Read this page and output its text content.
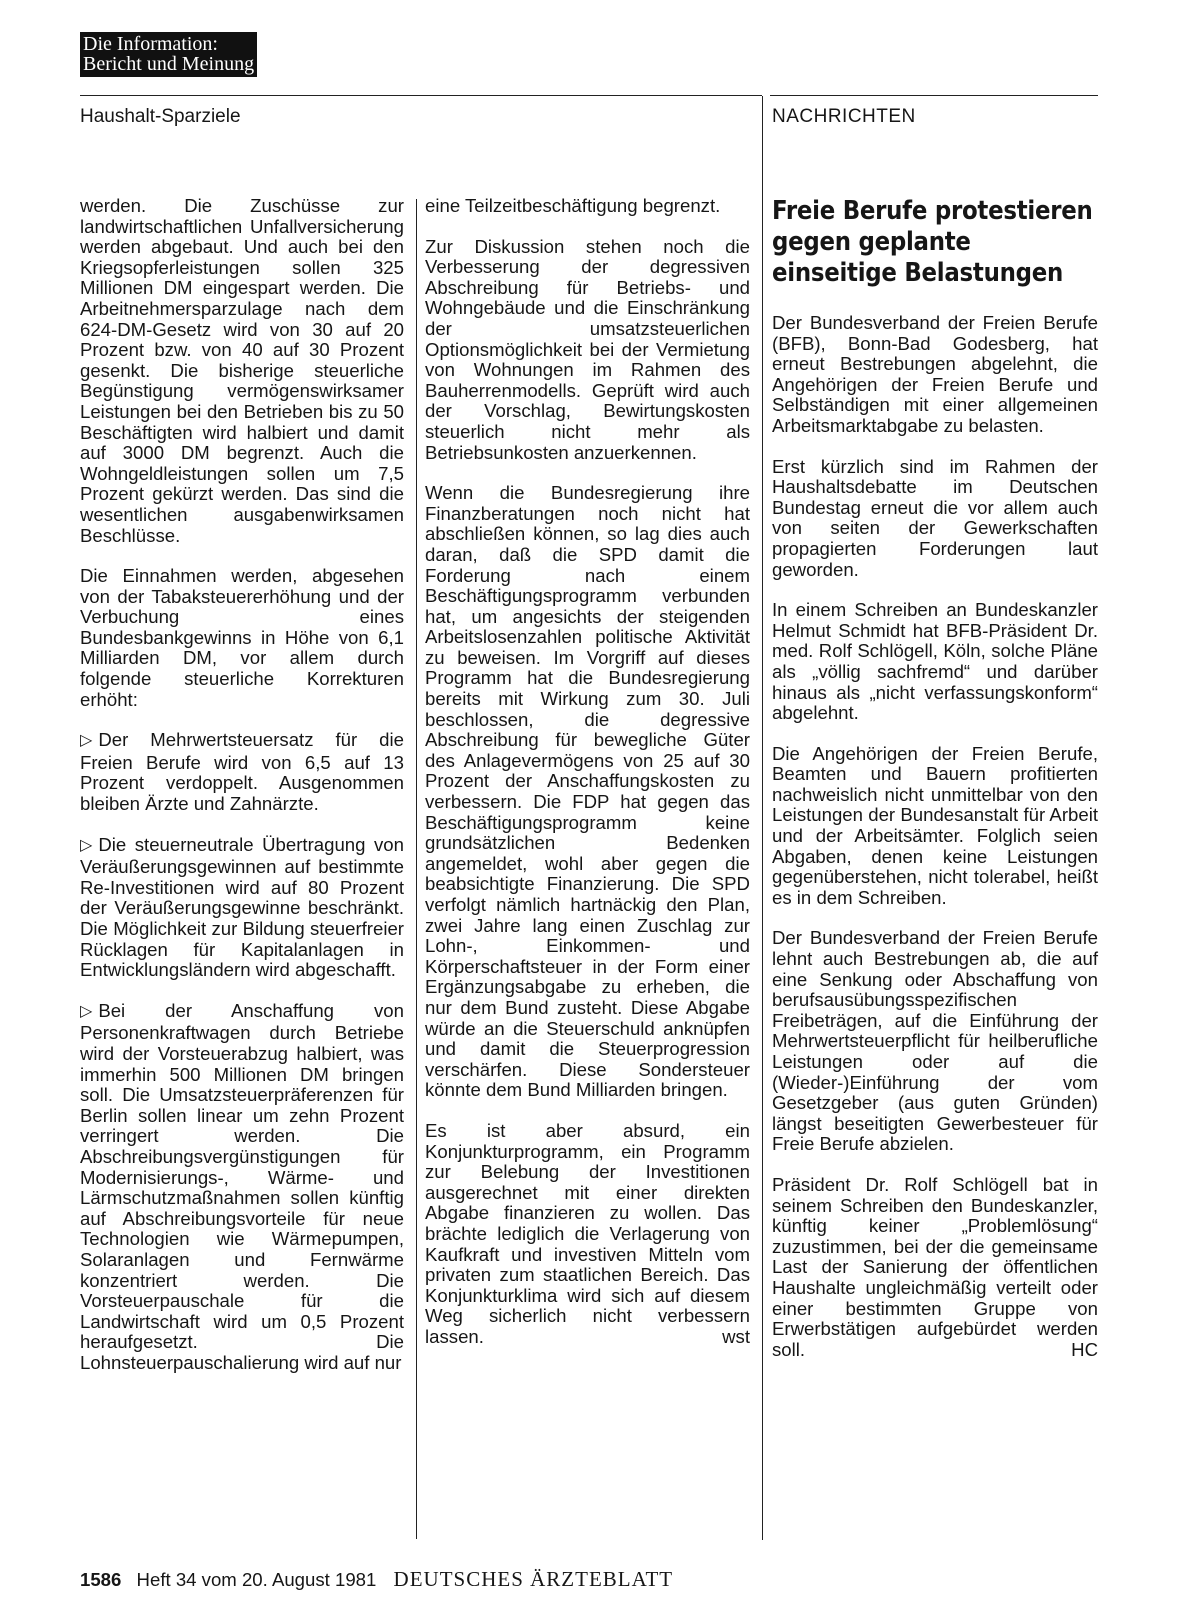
Die Information:
Bericht und Meinung
Haushalt-Sparziele	NACHRICHTEN

werden. Die Zuschüsse zur landwirtschaftlichen Unfallversicherung werden abgebaut. Und auch bei den Kriegsopferleistungen sollen 325 Millionen DM eingespart werden. Die Arbeitnehmersparzulage nach dem 624-DM-Gesetz wird von 30 auf 20 Prozent bzw. von 40 auf 30 Prozent gesenkt. Die bisherige steuerliche Begünstigung vermögenswirksamer Leistungen bei den Betrieben bis zu 50 Beschäftigten wird halbiert und damit auf 3000 DM begrenzt. Auch die Wohngeldleistungen sollen um 7,5 Prozent gekürzt werden. Das sind die wesentlichen ausgabenwirksamen Beschlüsse.

Die Einnahmen werden, abgesehen von der Tabaksteuererhöhung und der Verbuchung eines Bundesbankgewinns in Höhe von 6,1 Milliarden DM, vor allem durch folgende steuerliche Korrekturen erhöht:

▷ Der Mehrwertsteuersatz für die Freien Berufe wird von 6,5 auf 13 Prozent verdoppelt. Ausgenommen bleiben Ärzte und Zahnärzte.

▷ Die steuerneutrale Übertragung von Veräußerungsgewinnen auf bestimmte Re-Investitionen wird auf 80 Prozent der Veräußerungsgewinne beschränkt. Die Möglichkeit zur Bildung steuerfreier Rücklagen für Kapitalanlagen in Entwicklungsländern wird abgeschafft.

▷ Bei der Anschaffung von Personenkraftwagen durch Betriebe wird der Vorsteuerabzug halbiert, was immerhin 500 Millionen DM bringen soll. Die Umsatzsteuerpräferenzen für Berlin sollen linear um zehn Prozent verringert werden. Die Abschreibungsvergünstigungen für Modernisierungs-, Wärme- und Lärmschutzmaßnahmen sollen künftig auf Abschreibungsvorteile für neue Technologien wie Wärmepumpen, Solaranlagen und Fernwärme konzentriert werden. Die Vorsteuerpauschale für die Landwirtschaft wird um 0,5 Prozent heraufgesetzt. Die Lohnsteuerpauschalierung wird auf nur

eine Teilzeitbeschäftigung begrenzt.

Zur Diskussion stehen noch die Verbesserung der degressiven Abschreibung für Betriebs- und Wohngebäude und die Einschränkung der umsatzsteuerlichen Optionsmöglichkeit bei der Vermietung von Wohnungen im Rahmen des Bauherrenmodells. Geprüft wird auch der Vorschlag, Bewirtungskosten steuerlich nicht mehr als Betriebsunkosten anzuerkennen.

Wenn die Bundesregierung ihre Finanzberatungen noch nicht hat abschließen können, so lag dies auch daran, daß die SPD damit die Forderung nach einem Beschäftigungsprogramm verbunden hat, um angesichts der steigenden Arbeitslosenzahlen politische Aktivität zu beweisen. Im Vorgriff auf dieses Programm hat die Bundesregierung bereits mit Wirkung zum 30. Juli beschlossen, die degressive Abschreibung für bewegliche Güter des Anlagevermögens von 25 auf 30 Prozent der Anschaffungskosten zu verbessern. Die FDP hat gegen das Beschäftigungsprogramm keine grundsätzlichen Bedenken angemeldet, wohl aber gegen die beabsichtigte Finanzierung. Die SPD verfolgt nämlich hartnäckig den Plan, zwei Jahre lang einen Zuschlag zur Lohn-, Einkommen- und Körperschaftsteuer in der Form einer Ergänzungsabgabe zu erheben, die nur dem Bund zusteht. Diese Abgabe würde an die Steuerschuld anknüpfen und damit die Steuerprogression verschärfen. Diese Sondersteuer könnte dem Bund Milliarden bringen.

Es ist aber absurd, ein Konjunkturprogramm, ein Programm zur Belebung der Investitionen ausgerechnet mit einer direkten Abgabe finanzieren zu wollen. Das brächte lediglich die Verlagerung von Kaufkraft und investiven Mitteln vom privaten zum staatlichen Bereich. Das Konjunkturklima wird sich auf diesem Weg sicherlich nicht verbessern lassen.	wst

Freie Berufe protestieren
gegen geplante
einseitige Belastungen

Der Bundesverband der Freien Berufe (BFB), Bonn-Bad Godesberg, hat erneut Bestrebungen abgelehnt, die Angehörigen der Freien Berufe und Selbständigen mit einer allgemeinen Arbeitsmarktabgabe zu belasten.

Erst kürzlich sind im Rahmen der Haushaltsdebatte im Deutschen Bundestag erneut die vor allem auch von seiten der Gewerkschaften propagierten Forderungen laut geworden.

In einem Schreiben an Bundeskanzler Helmut Schmidt hat BFB-Präsident Dr. med. Rolf Schlögell, Köln, solche Pläne als „völlig sachfremd“ und darüber hinaus als „nicht verfassungskonform“ abgelehnt.

Die Angehörigen der Freien Berufe, Beamten und Bauern profitierten nachweislich nicht unmittelbar von den Leistungen der Bundesanstalt für Arbeit und der Arbeitsämter. Folglich seien Abgaben, denen keine Leistungen gegenüberstehen, nicht tolerabel, heißt es in dem Schreiben.

Der Bundesverband der Freien Berufe lehnt auch Bestrebungen ab, die auf eine Senkung oder Abschaffung von berufsausübungsspezifischen Freibeträgen, auf die Einführung der Mehrwertsteuerpflicht für heilberufliche Leistungen oder auf die (Wieder-)Einführung der vom Gesetzgeber (aus guten Gründen) längst beseitigten Gewerbesteuer für Freie Berufe abzielen.

Präsident Dr. Rolf Schlögell bat in seinem Schreiben den Bundeskanzler, künftig keiner „Problemlösung“ zuzustimmen, bei der die gemeinsame Last der Sanierung der öffentlichen Haushalte ungleichmäßig verteilt oder einer bestimmten Gruppe von Erwerbstätigen aufgebürdet werden soll.	HC

1586 Heft 34 vom 20. August 1981 DEUTSCHES ÄRZTEBLATT
